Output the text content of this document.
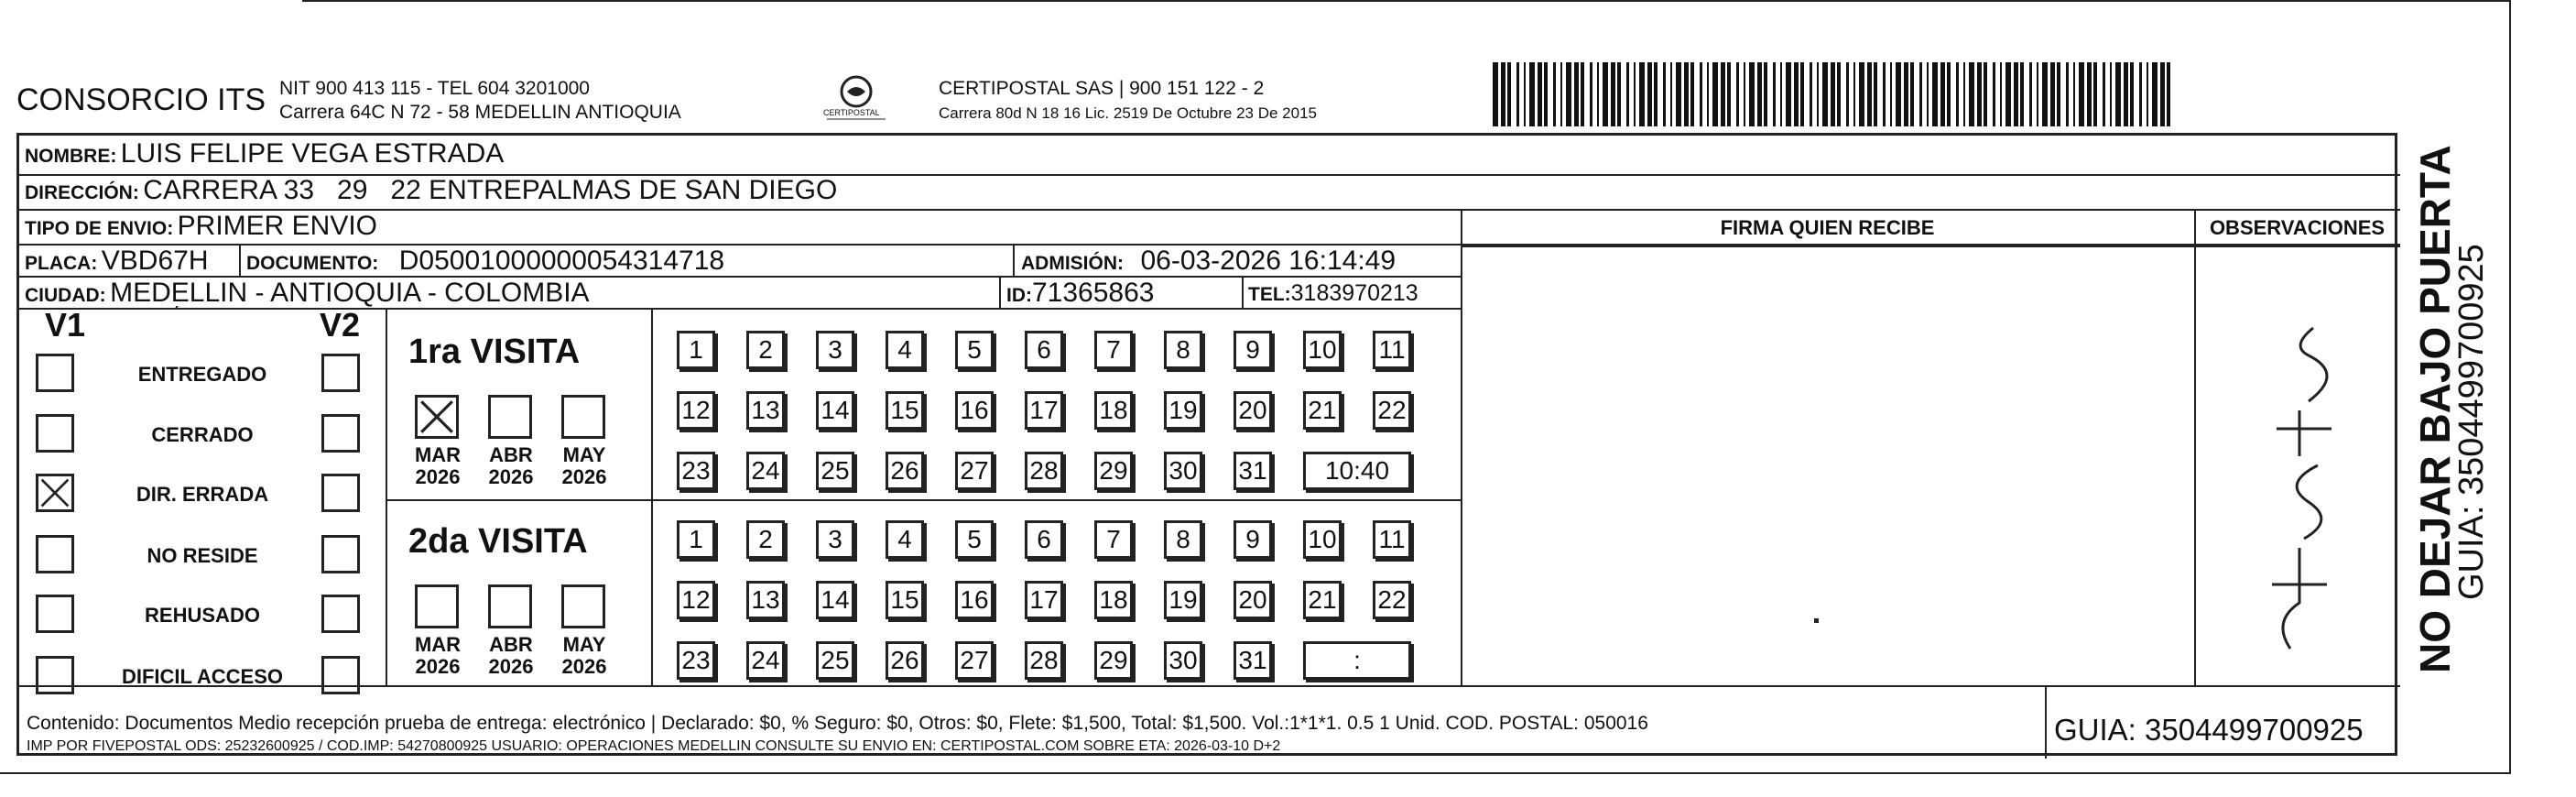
CONSORCIO ITS NIT 900 413 115 - TEL 604 3201000
Carrera 64C N 72 - 58 MEDELLIN ANTIOQUIA	CERTIPOSTAL
CERTIPOSTAL SAS | 900 151 122 - 2
Carrera 80d N 18 16 Lic. 2519 De Octubre 23 De 2015
NOMBRE: LUIS FELIPE VEGA ESTRADA
DIRECCIÓN: CARRERA 33   29   22 ENTREPALMAS DE SAN DIEGO
TIPO DE ENVIO: PRIMER ENVIO	FIRMA QUIEN RECIBE	OBSERVACIONES
PLACA: VBD67H DOCUMENTO: D05001000000054314718	ADMISIÓN: 06-03-2026 16:14:49
CIUDAD: MEDELLIN - ANTIOQUIA - COLOMBIA	ID:71365863	TEL:3183970213
V1	V2
ˊ
ENTREGADO
CERRADO
DIR. ERRADA
NO RESIDE
REHUSADO
DIFICIL ACCESO
1ra VISITA
MAR
2026
ABR
2026
MAY
2026
1	2	3	4	5	6	7	8	9	10 11
12 13 14 15 16 17 18 19 20 21 22
23 24 25 26 27 28 29 30 31	10:40
2da VISITA
MAR
2026
ABR
2026
MAY
2026
1	2	3	4	5	6	7	8	9	10 11
12 13 14 15 16 17 18 19 20 21 22
23 24 25 26 27 28 29 30 31	:
Contenido: Documentos Medio recepción prueba de entrega: electrónico | Declarado: $0, % Seguro: $0, Otros: $0, Flete: $1,500, Total: $1,500. Vol.:1*1*1. 0.5 1 Unid. COD. POSTAL: 050016
IMP POR FIVEPOSTAL ODS: 25232600925 / COD.IMP: 54270800925 USUARIO: OPERACIONES MEDELLIN CONSULTE SU ENVIO EN: CERTIPOSTAL.COM SOBRE ETA: 2026-03-10 D+2	GUIA: 3504499700925
NO DEJAR BAJO PUERTA
GUIA: 3504499700925
